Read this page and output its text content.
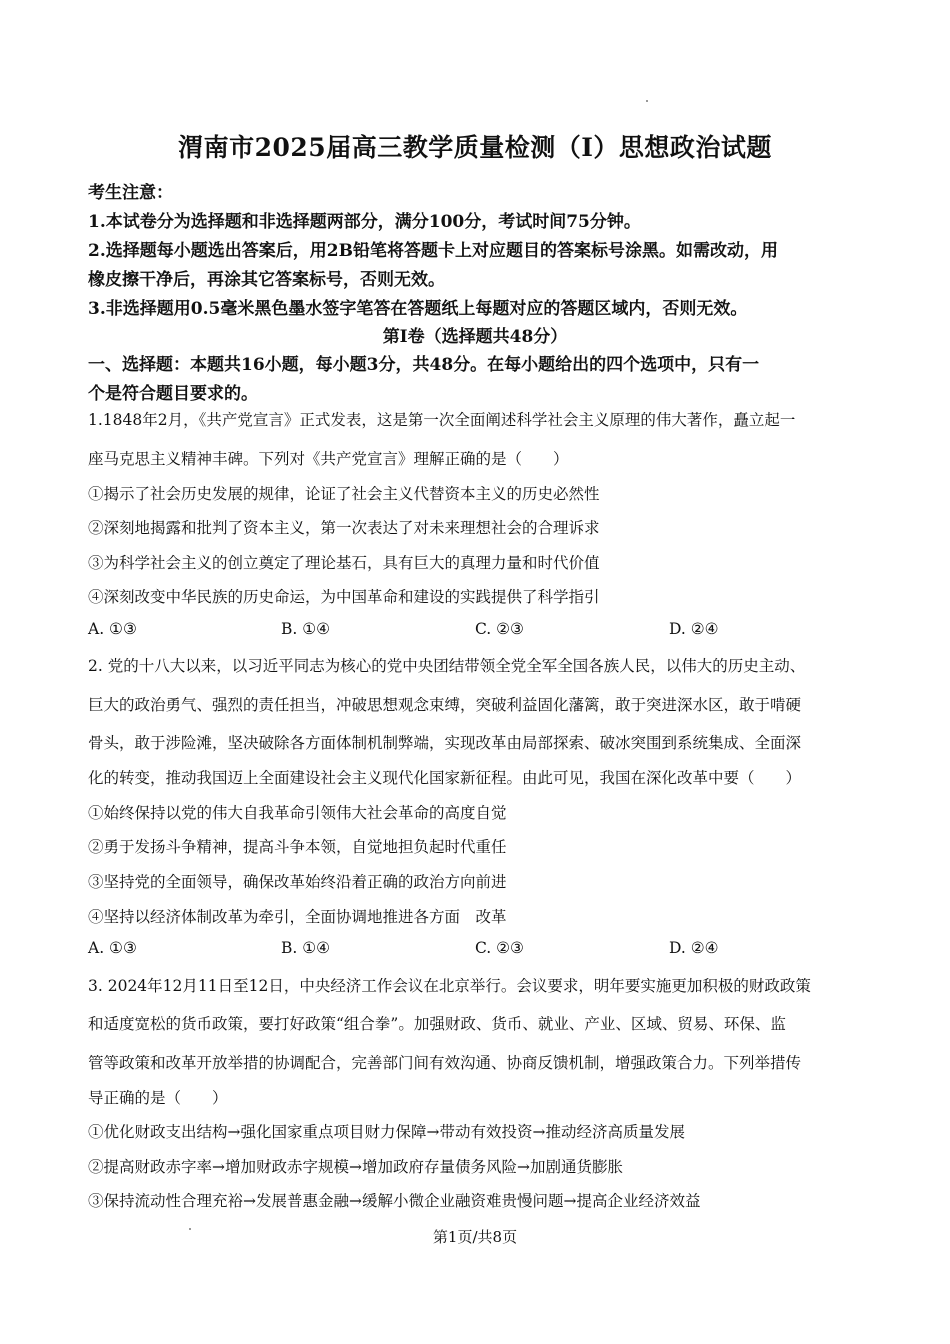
渭南市2025届高三教学质量检测（I）思想政治试题
考生注意：
1.本试卷分为选择题和非选择题两部分，满分100分，考试时间75分钟。
2.选择题每小题选出答案后，用2B铅笔将答题卡上对应题目的答案标号涂黑。如需改动，用
橡皮擦干净后，再涂其它答案标号，否则无效。
3.非选择题用0.5毫米黑色墨水签字笔答在答题纸上每题对应的答题区域内，否则无效。
第I卷（选择题共48分）
一、选择题：本题共16小题，每小题3分，共48分。在每小题给出的四个选项中，只有一
个是符合题目要求的。
1.1848年2月，《共产党宣言》正式发表，这是第一次全面阐述科学社会主义原理的伟大著作，矗立起一
座马克思主义精神丰碑。下列对《共产党宣言》理解正确的是（　　）
①揭示了社会历史发展的规律，论证了社会主义代替资本主义的历史必然性
②深刻地揭露和批判了资本主义，第一次表达了对未来理想社会的合理诉求
③为科学社会主义的创立奠定了理论基石，具有巨大的真理力量和时代价值
④深刻改变中华民族的历史命运，为中国革命和建设的实践提供了科学指引
A. ①③	B. ①④	C. ②③	D. ②④
2. 党的十八大以来，以习近平同志为核心的党中央团结带领全党全军全国各族人民，以伟大的历史主动、
巨大的政治勇气、强烈的责任担当，冲破思想观念束缚，突破利益固化藩篱，敢于突进深水区，敢于啃硬
骨头，敢于涉险滩，坚决破除各方面体制机制弊端，实现改革由局部探索、破冰突围到系统集成、全面深
化的转变，推动我国迈上全面建设社会主义现代化国家新征程。由此可见，我国在深化改革中要（　　）
①始终保持以党的伟大自我革命引领伟大社会革命的高度自觉
②勇于发扬斗争精神，提高斗争本领，自觉地担负起时代重任
③坚持党的全面领导，确保改革始终沿着正确的政治方向前进
④坚持以经济体制改革为牵引，全面协调地推进各方面　改革
A. ①③	B. ①④	C. ②③	D. ②④
3. 2024年12月11日至12日，中央经济工作会议在北京举行。会议要求，明年要实施更加积极的财政政策
和适度宽松的货币政策，要打好政策“组合拳”。加强财政、货币、就业、产业、区域、贸易、环保、监
管等政策和改革开放举措的协调配合，完善部门间有效沟通、协商反馈机制，增强政策合力。下列举措传
导正确的是（　　）
①优化财政支出结构→强化国家重点项目财力保障→带动有效投资→推动经济高质量发展
②提高财政赤字率→增加财政赤字规模→增加政府存量债务风险→加剧通货膨胀
③保持流动性合理充裕→发展普惠金融→缓解小微企业融资难贵慢问题→提高企业经济效益
第1页/共8页
